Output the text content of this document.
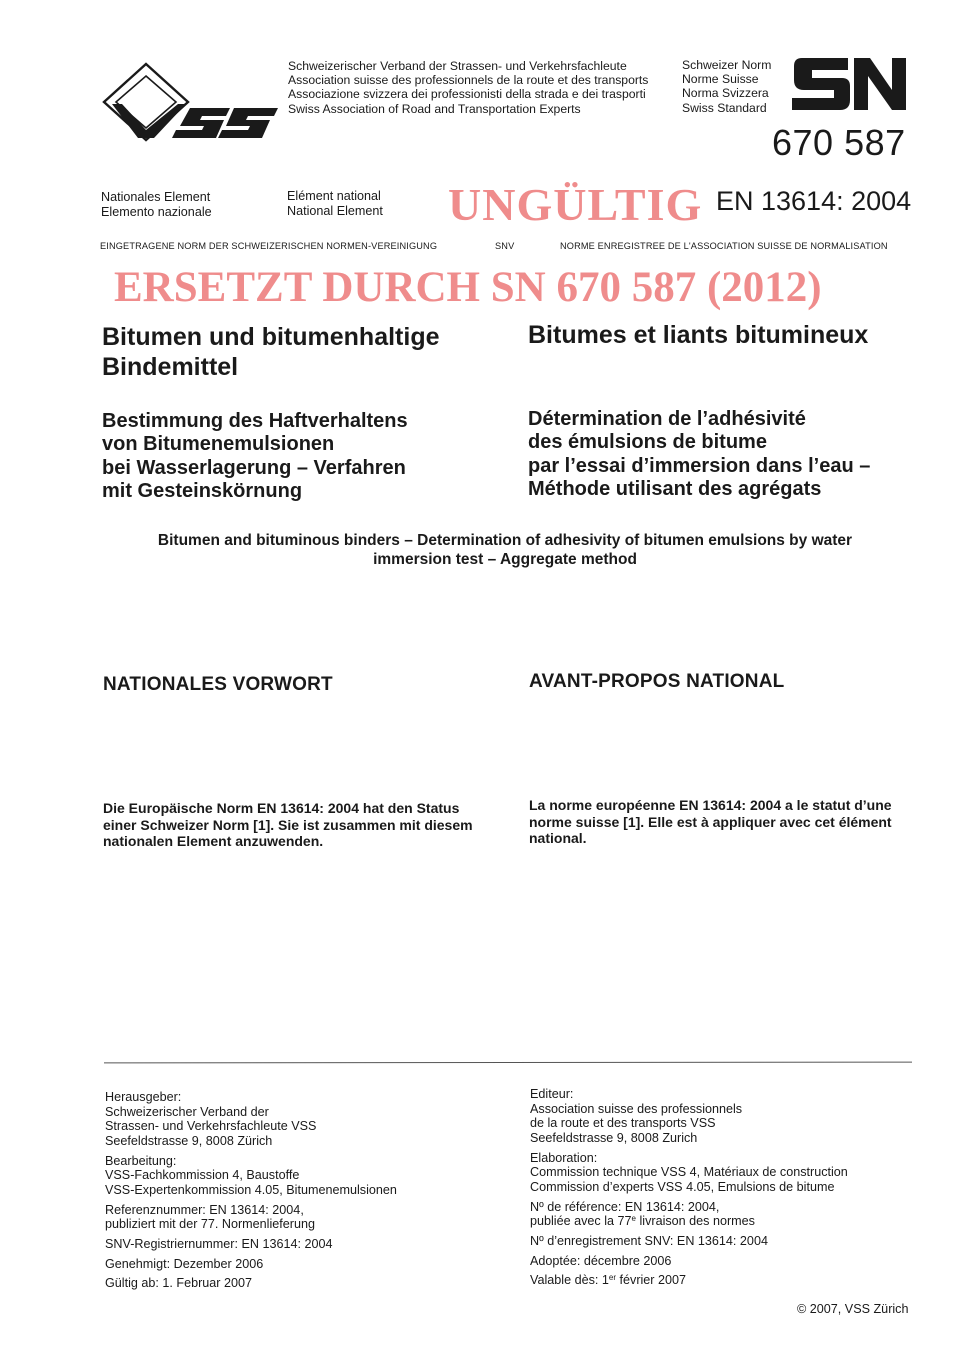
Schweizerischer Verband der Strassen- und Verkehrsfachleute
Association suisse des professionnels de la route et des transports
Associazione svizzera dei professionisti della strada e dei trasporti
Swiss Association of Road and Transportation Experts
Schweizer Norm
Norme Suisse
Norma Svizzera
Swiss Standard
670 587
Nationales Element
Elemento nazionale
Elément national
National Element UNGÜLTIG EN 13614: 2004
EINGETRAGENE NORM DER SCHWEIZERISCHEN NORMEN-VEREINIGUNG	SNV	NORME ENREGISTREE DE L'ASSOCIATION SUISSE DE NORMALISATION
ERSETZT DURCH SN 670 587 (2012)
Bitumen und bitumenhaltige
Bindemittel
Bitumes et liants bitumineux
Bestimmung des Haftverhaltens
von Bitumenemulsionen
bei Wasserlagerung – Verfahren
mit Gesteinskörnung
Détermination de l’adhésivité
des émulsions de bitume
par l’essai d’immersion dans l’eau –
Méthode utilisant des agrégats
Bitumen and bituminous binders – Determination of adhesivity of bitumen emulsions by water
immersion test – Aggregate method
NATIONALES VORWORT	AVANT-PROPOS NATIONAL
Die Europäische Norm EN 13614: 2004 hat den Status
einer Schweizer Norm [1]. Sie ist zusammen mit diesem
nationalen Element anzuwenden.
La norme européenne EN 13614: 2004 a le statut d’une
norme suisse [1]. Elle est à appliquer avec cet élément
national.
Herausgeber:
Schweizerischer Verband der
Strassen- und Verkehrsfachleute VSS
Seefeldstrasse 9, 8008 Zürich
Bearbeitung:
VSS-Fachkommission 4, Baustoffe
VSS-Expertenkommission 4.05, Bitumenemulsionen
Referenznummer: EN 13614: 2004,
publiziert mit der 77. Normenlieferung
SNV-Registriernummer: EN 13614: 2004
Genehmigt: Dezember 2006
Gültig ab: 1. Februar 2007
Editeur:
Association suisse des professionnels
de la route et des transports VSS
Seefeldstrasse 9, 8008 Zurich
Elaboration:
Commission technique VSS 4, Matériaux de construction
Commission d’experts VSS 4.05, Emulsions de bitume
Nº de référence: EN 13614: 2004,
publiée avec la 77e livraison des normes
Nº d’enregistrement SNV: EN 13614: 2004
Adoptée: décembre 2006
Valable dès: 1er février 2007
© 2007, VSS Zürich
